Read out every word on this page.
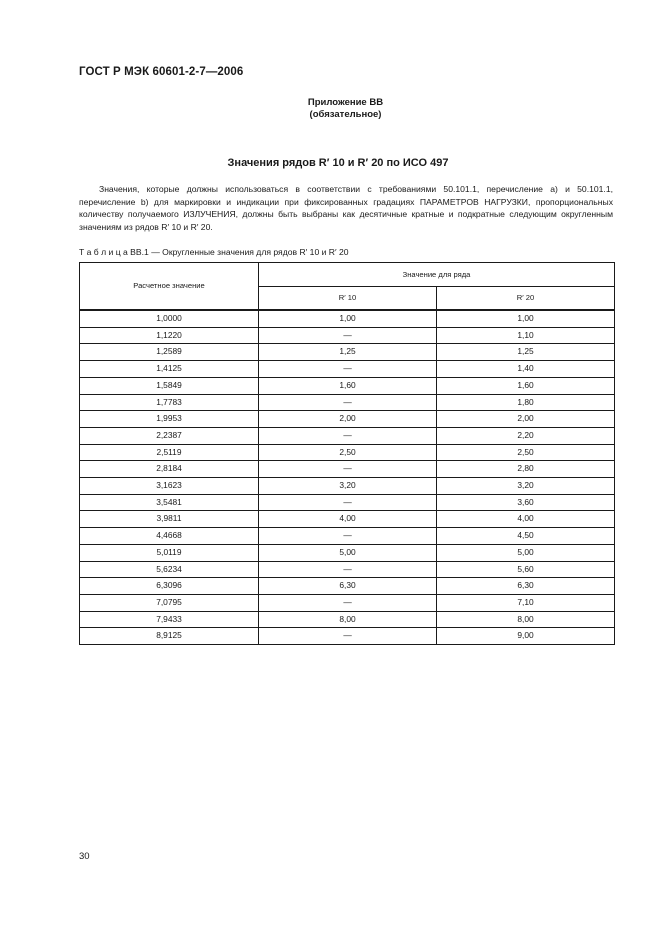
ГОСТ Р МЭК 60601-2-7—2006
Приложение ВВ
(обязательное)
Значения рядов R′ 10 и R′ 20 по ИСО 497

Значения, которые должны использоваться в соответствии с требованиями 50.101.1, перечисление а) и 50.101.1, перечисление b) для маркировки и индикации при фиксированных градациях ПАРАМЕТРОВ НАГРУЗКИ, пропорциональных количеству получаемого ИЗЛУЧЕНИЯ, должны быть выбраны как десятичные кратные и подкратные следующим округленным значениям из рядов R′ 10 и R′ 20.

Т а б л и ц а ВВ.1 — Округленные значения для рядов R′ 10 и R′ 20
Расчетное значение	Значение для ряда	
	R′ 10	R′ 20
1,0000	1,00	1,00
1,1220	—	1,10
1,2589	1,25	1,25
1,4125	—	1,40
1,5849	1,60	1,60
1,7783	—	1,80
1,9953	2,00	2,00
2,2387	—	2,20
2,5119	2,50	2,50
2,8184	—	2,80
3,1623	3,20	3,20
3,5481	—	3,60
3,9811	4,00	4,00
4,4668	—	4,50
5,0119	5,00	5,00
5,6234	—	5,60
6,3096	6,30	6,30
7,0795	—	7,10
7,9433	8,00	8,00
8,9125	—	9,00
30
